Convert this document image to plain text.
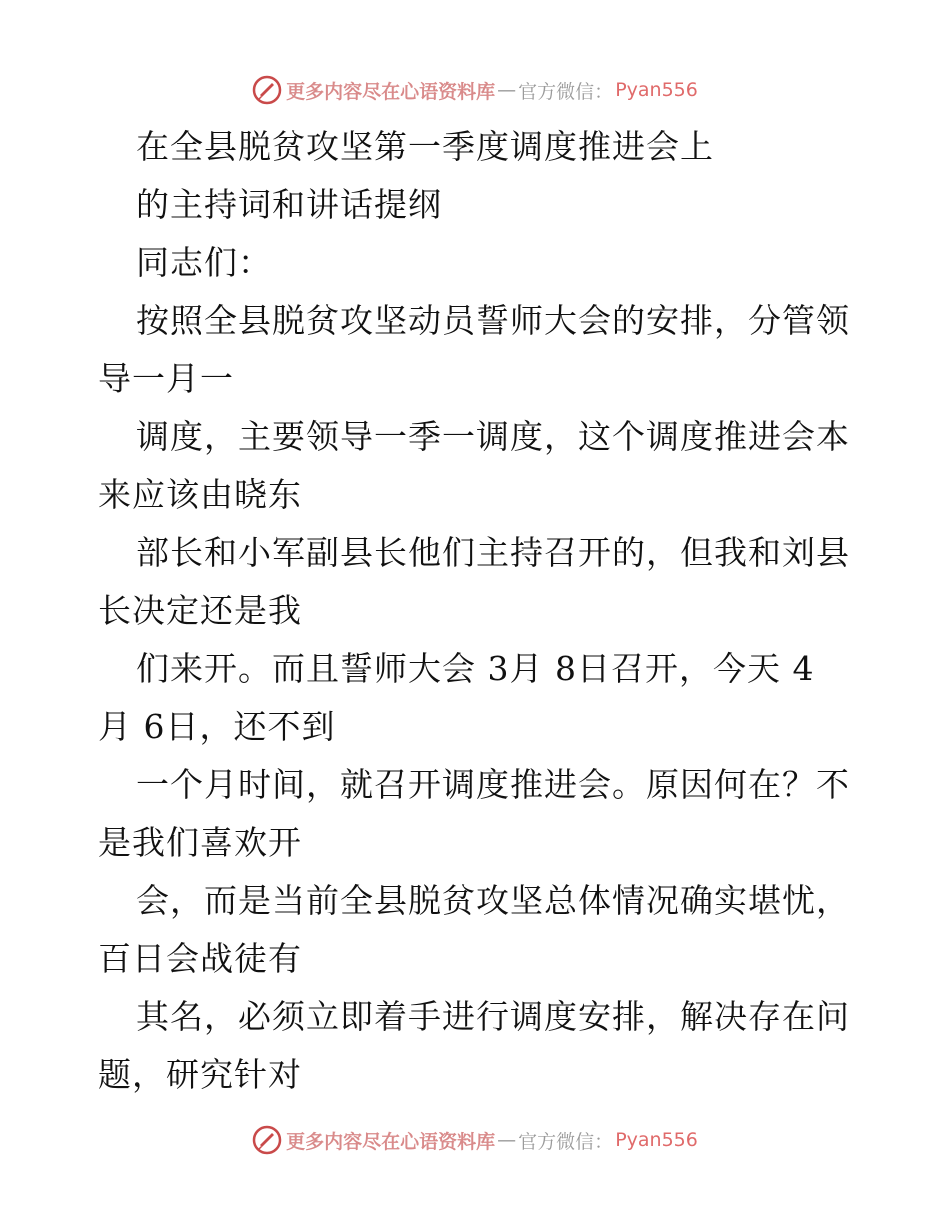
更多内容尽在心语资料库 — 官方微信： Pyan556
在全县脱贫攻坚第一季度调度推进会上
的主持词和讲话提纲
同志们：
按照全县脱贫攻坚动员誓师大会的安排，分管领
导一月一
调度，主要领导一季一调度，这个调度推进会本
来应该由晓东
部长和小军副县长他们主持召开的，但我和刘县
长决定还是我
们来开。而且誓师大会 3月 8日召开，今天 4
月 6日，还不到
一个月时间，就召开调度推进会。原因何在？不
是我们喜欢开
会，而是当前全县脱贫攻坚总体情况确实堪忧，
百日会战徒有
其名，必须立即着手进行调度安排，解决存在问
题，研究针对
更多内容尽在心语资料库 — 官方微信： Pyan556
